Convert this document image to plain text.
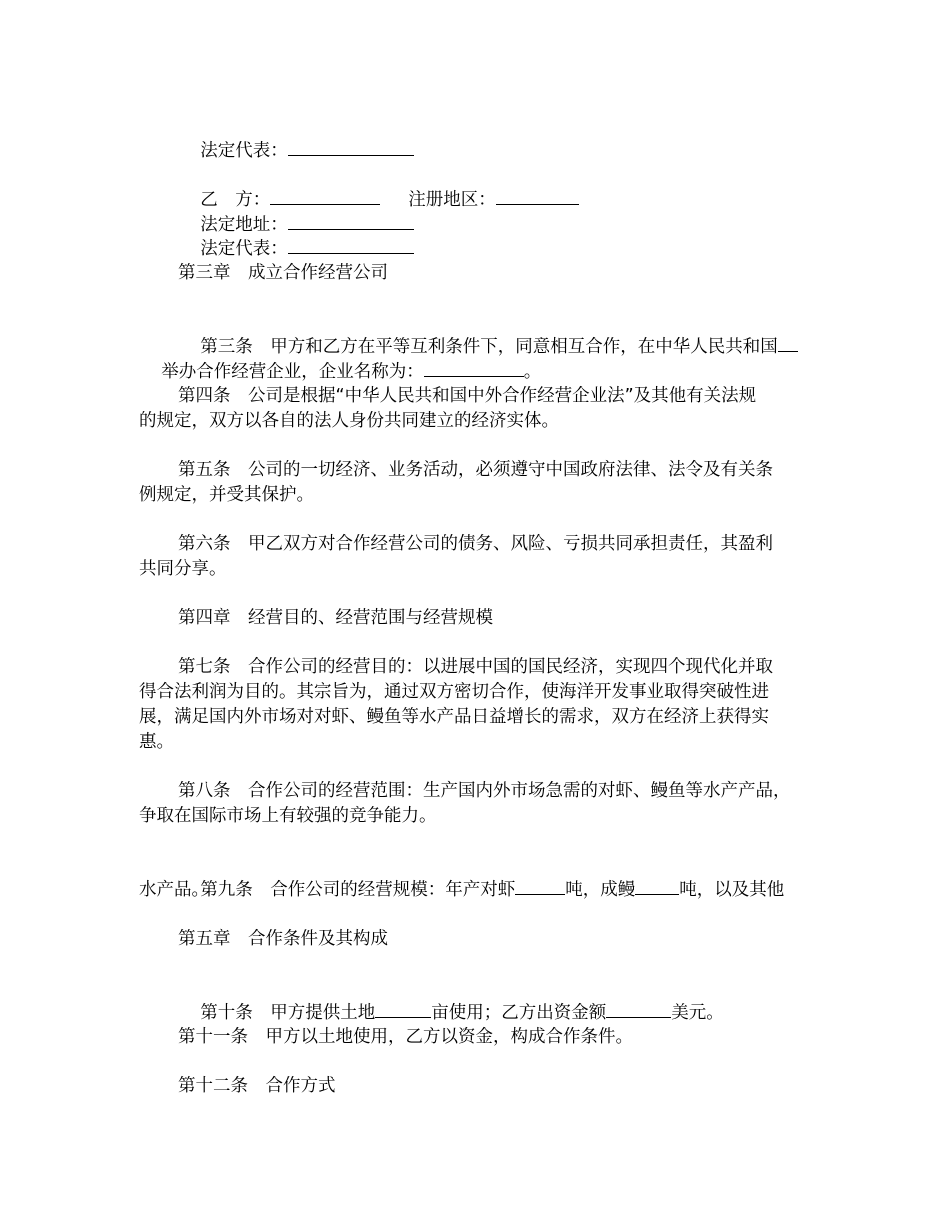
法定代表：

乙　方：	注册地区：

法定地址：

法定代表：

第三章　成立合作经营公司

第三条　甲方和乙方在平等互利条件下，同意相互合作，在中华人民共和国

举办合作经营企业，企业名称为：	。

第四条　公司是根据“中华人民共和国中外合作经营企业法”及其他有关法规
的规定，双方以各自的法人身份共同建立的经济实体。
第五条　公司的一切经济、业务活动，必须遵守中国政府法律、法令及有关条
例规定，并受其保护。
第六条　甲乙双方对合作经营公司的债务、风险、亏损共同承担责任，其盈利
共同分享。
第四章　经营目的、经营范围与经营规模
第七条　合作公司的经营目的：以进展中国的国民经济，实现四个现代化并取
得合法利润为目的。其宗旨为，通过双方密切合作，使海洋开发事业取得突破性进
展，满足国内外市场对对虾、鳗鱼等水产品日益增长的需求，双方在经济上获得实
惠。
第八条　合作公司的经营范围：生产国内外市场急需的对虾、鳗鱼等水产产品，
争取在国际市场上有较强的竞争能力。

第九条　合作公司的经营规模：年产对虾	吨，成鳗	吨，以及其他

水产品。
第五章　合作条件及其构成

第十条　甲方提供土地	亩使用；乙方出资金额	美元。

第十一条　甲方以土地使用，乙方以资金，构成合作条件。
第十二条　合作方式
